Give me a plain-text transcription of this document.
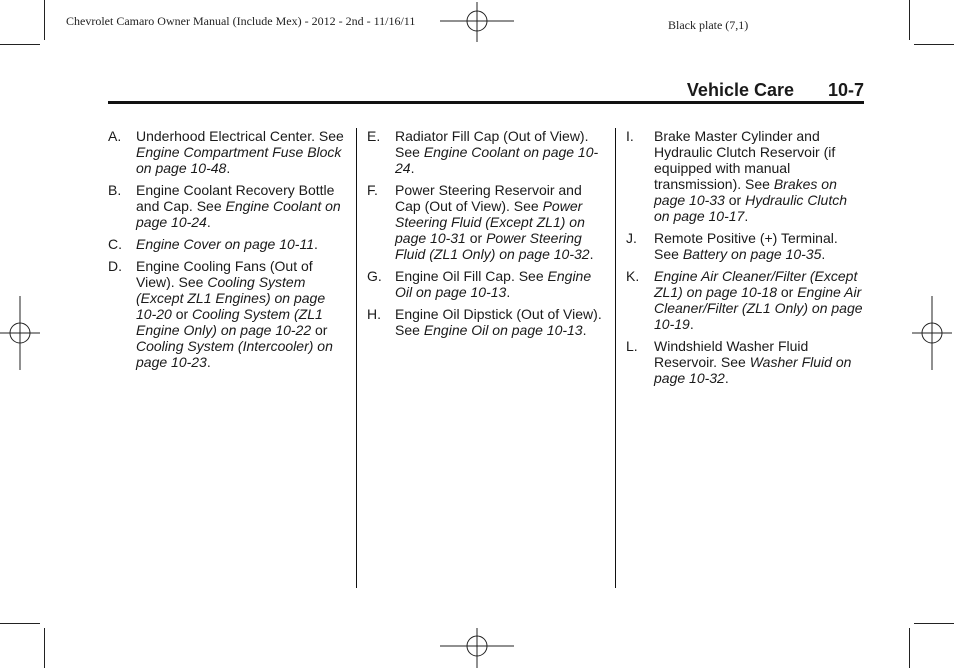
Chevrolet Camaro Owner Manual (Include Mex) - 2012 - 2nd - 11/16/11	Black plate (7,1)
Vehicle Care 10-7
A. Underhood Electrical Center. See Engine Compartment Fuse Block on page 10-48.
B. Engine Coolant Recovery Bottle and Cap. See Engine Coolant on page 10-24.
C. Engine Cover on page 10-11.
D. Engine Cooling Fans (Out of View). See Cooling System (Except ZL1 Engines) on page 10-20 or Cooling System (ZL1 Engine Only) on page 10-22 or Cooling System (Intercooler) on page 10-23.
E. Radiator Fill Cap (Out of View). See Engine Coolant on page 10-24.
F. Power Steering Reservoir and Cap (Out of View). See Power Steering Fluid (Except ZL1) on page 10-31 or Power Steering Fluid (ZL1 Only) on page 10-32.
G. Engine Oil Fill Cap. See Engine Oil on page 10-13.
H. Engine Oil Dipstick (Out of View). See Engine Oil on page 10-13.
I. Brake Master Cylinder and Hydraulic Clutch Reservoir (if equipped with manual transmission). See Brakes on page 10-33 or Hydraulic Clutch on page 10-17.
J. Remote Positive (+) Terminal. See Battery on page 10-35.
K. Engine Air Cleaner/Filter (Except ZL1) on page 10-18 or Engine Air Cleaner/Filter (ZL1 Only) on page 10-19.
L. Windshield Washer Fluid Reservoir. See Washer Fluid on page 10-32.
